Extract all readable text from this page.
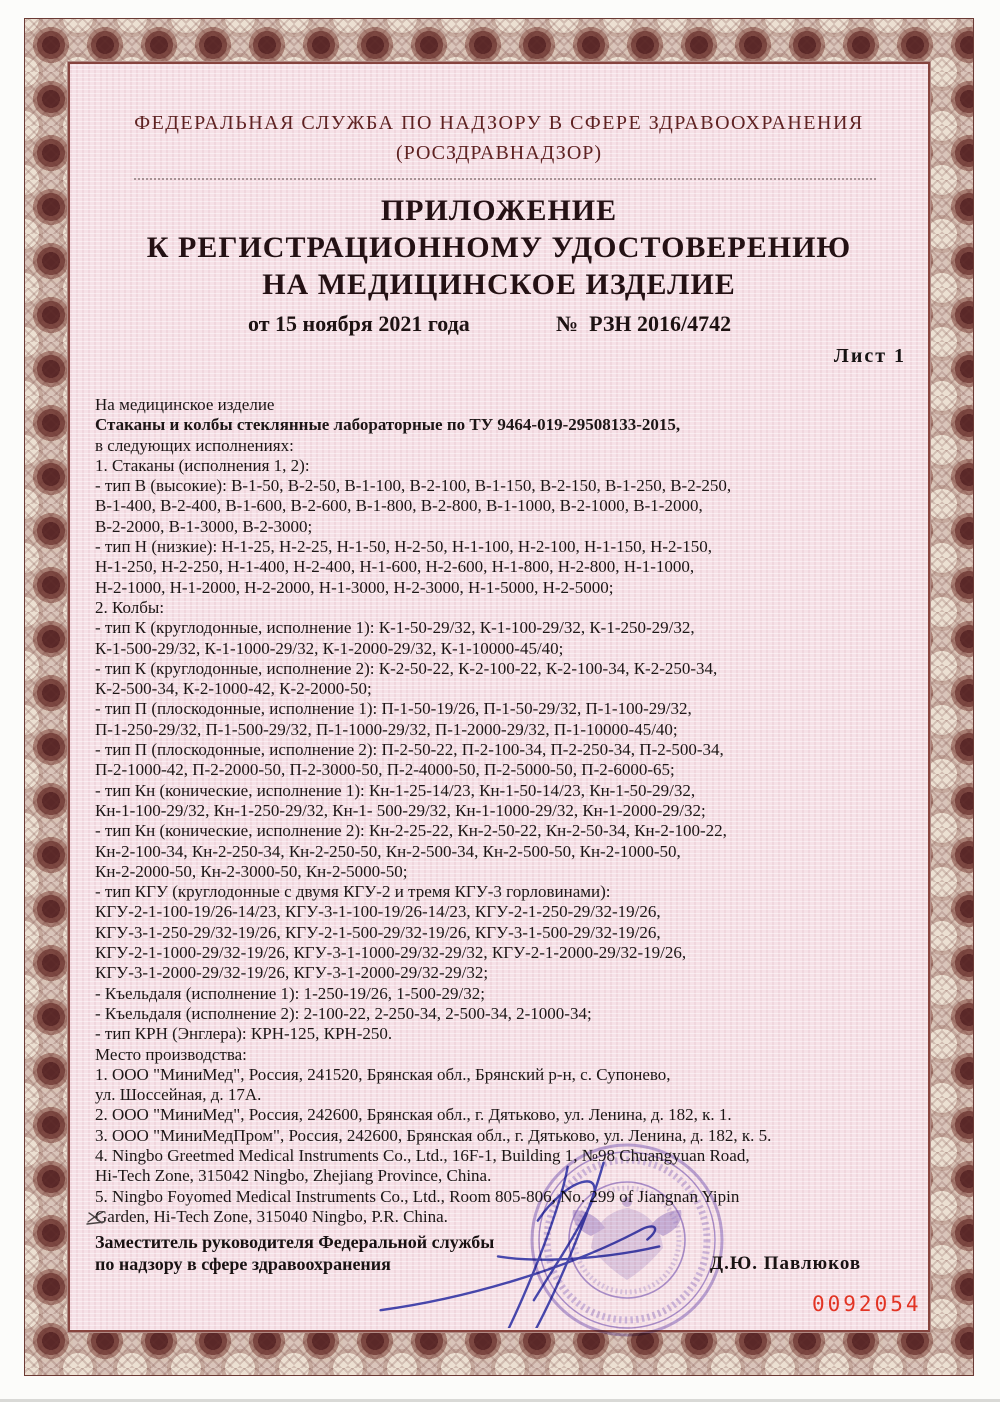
ФЕДЕРАЛЬНАЯ СЛУЖБА ПО НАДЗОРУ В СФЕРЕ ЗДРАВООХРАНЕНИЯ
(РОСЗДРАВНАДЗОР)
ПРИЛОЖЕНИЕ
К РЕГИСТРАЦИОННОМУ УДОСТОВЕРЕНИЮ
НА МЕДИЦИНСКОЕ ИЗДЕЛИЕ
от 15 ноября 2021 года	№  РЗН 2016/4742
Лист 1
На медицинское изделие
Стаканы и колбы стеклянные лабораторные по ТУ 9464-019-29508133-2015,
в следующих исполнениях:
1. Стаканы (исполнения 1, 2):
- тип В (высокие): В-1-50, В-2-50, В-1-100, В-2-100, В-1-150, В-2-150, В-1-250, В-2-250,
В-1-400, В-2-400, В-1-600, В-2-600, В-1-800, В-2-800, В-1-1000, В-2-1000, В-1-2000,
В-2-2000, В-1-3000, В-2-3000;
- тип Н (низкие): Н-1-25, Н-2-25, Н-1-50, Н-2-50, Н-1-100, Н-2-100, Н-1-150, Н-2-150,
Н-1-250, Н-2-250, Н-1-400, Н-2-400, Н-1-600, Н-2-600, Н-1-800, Н-2-800, Н-1-1000,
Н-2-1000, Н-1-2000, Н-2-2000, Н-1-3000, Н-2-3000, Н-1-5000, Н-2-5000;
2. Колбы:
- тип К (круглодонные, исполнение 1): К-1-50-29/32, К-1-100-29/32, К-1-250-29/32,
К-1-500-29/32, К-1-1000-29/32, К-1-2000-29/32, К-1-10000-45/40;
- тип К (круглодонные, исполнение 2): К-2-50-22, К-2-100-22, К-2-100-34, К-2-250-34,
К-2-500-34, К-2-1000-42, К-2-2000-50;
- тип П (плоскодонные, исполнение 1): П-1-50-19/26, П-1-50-29/32, П-1-100-29/32,
П-1-250-29/32, П-1-500-29/32, П-1-1000-29/32, П-1-2000-29/32, П-1-10000-45/40;
- тип П (плоскодонные, исполнение 2): П-2-50-22, П-2-100-34, П-2-250-34, П-2-500-34,
П-2-1000-42, П-2-2000-50, П-2-3000-50, П-2-4000-50, П-2-5000-50, П-2-6000-65;
- тип Кн (конические, исполнение 1): Кн-1-25-14/23, Кн-1-50-14/23, Кн-1-50-29/32,
Кн-1-100-29/32, Кн-1-250-29/32, Кн-1- 500-29/32, Кн-1-1000-29/32, Кн-1-2000-29/32;
- тип Кн (конические, исполнение 2): Кн-2-25-22, Кн-2-50-22, Кн-2-50-34, Кн-2-100-22,
Кн-2-100-34, Кн-2-250-34, Кн-2-250-50, Кн-2-500-34, Кн-2-500-50, Кн-2-1000-50,
Кн-2-2000-50, Кн-2-3000-50, Кн-2-5000-50;
- тип КГУ (круглодонные с двумя КГУ-2 и тремя КГУ-3 горловинами):
КГУ-2-1-100-19/26-14/23, КГУ-3-1-100-19/26-14/23, КГУ-2-1-250-29/32-19/26,
КГУ-3-1-250-29/32-19/26, КГУ-2-1-500-29/32-19/26, КГУ-3-1-500-29/32-19/26,
КГУ-2-1-1000-29/32-19/26, КГУ-3-1-1000-29/32-29/32, КГУ-2-1-2000-29/32-19/26,
КГУ-3-1-2000-29/32-19/26, КГУ-3-1-2000-29/32-29/32;
- Къельдаля (исполнение 1): 1-250-19/26, 1-500-29/32;
- Къельдаля (исполнение 2): 2-100-22, 2-250-34, 2-500-34, 2-1000-34;
- тип КРН (Энглера): КРН-125, КРН-250.
Место производства:
1. ООО "МиниМед", Россия, 241520, Брянская обл., Брянский р-н, с. Супонево,
ул. Шоссейная, д. 17А.
2. ООО "МиниМед", Россия, 242600, Брянская обл., г. Дятьково, ул. Ленина, д. 182, к. 1.
3. ООО "МиниМедПром", Россия, 242600, Брянская обл., г. Дятьково, ул. Ленина, д. 182, к. 5.
4. Ningbo Greetmed Medical Instruments Co., Ltd., 16F-1, Building 1, №98 Chuangyuan Road,
Hi-Tech Zone, 315042 Ningbo, Zhejiang Province, China.
5. Ningbo Foyomed Medical Instruments Co., Ltd., Room 805-806, No. 299 of Jiangnan Yipin
Garden, Hi-Tech Zone, 315040 Ningbo, P.R. China.
Заместитель руководителя Федеральной службы
по надзору в сфере здравоохранения	Д.Ю. Павлюков
0092054
